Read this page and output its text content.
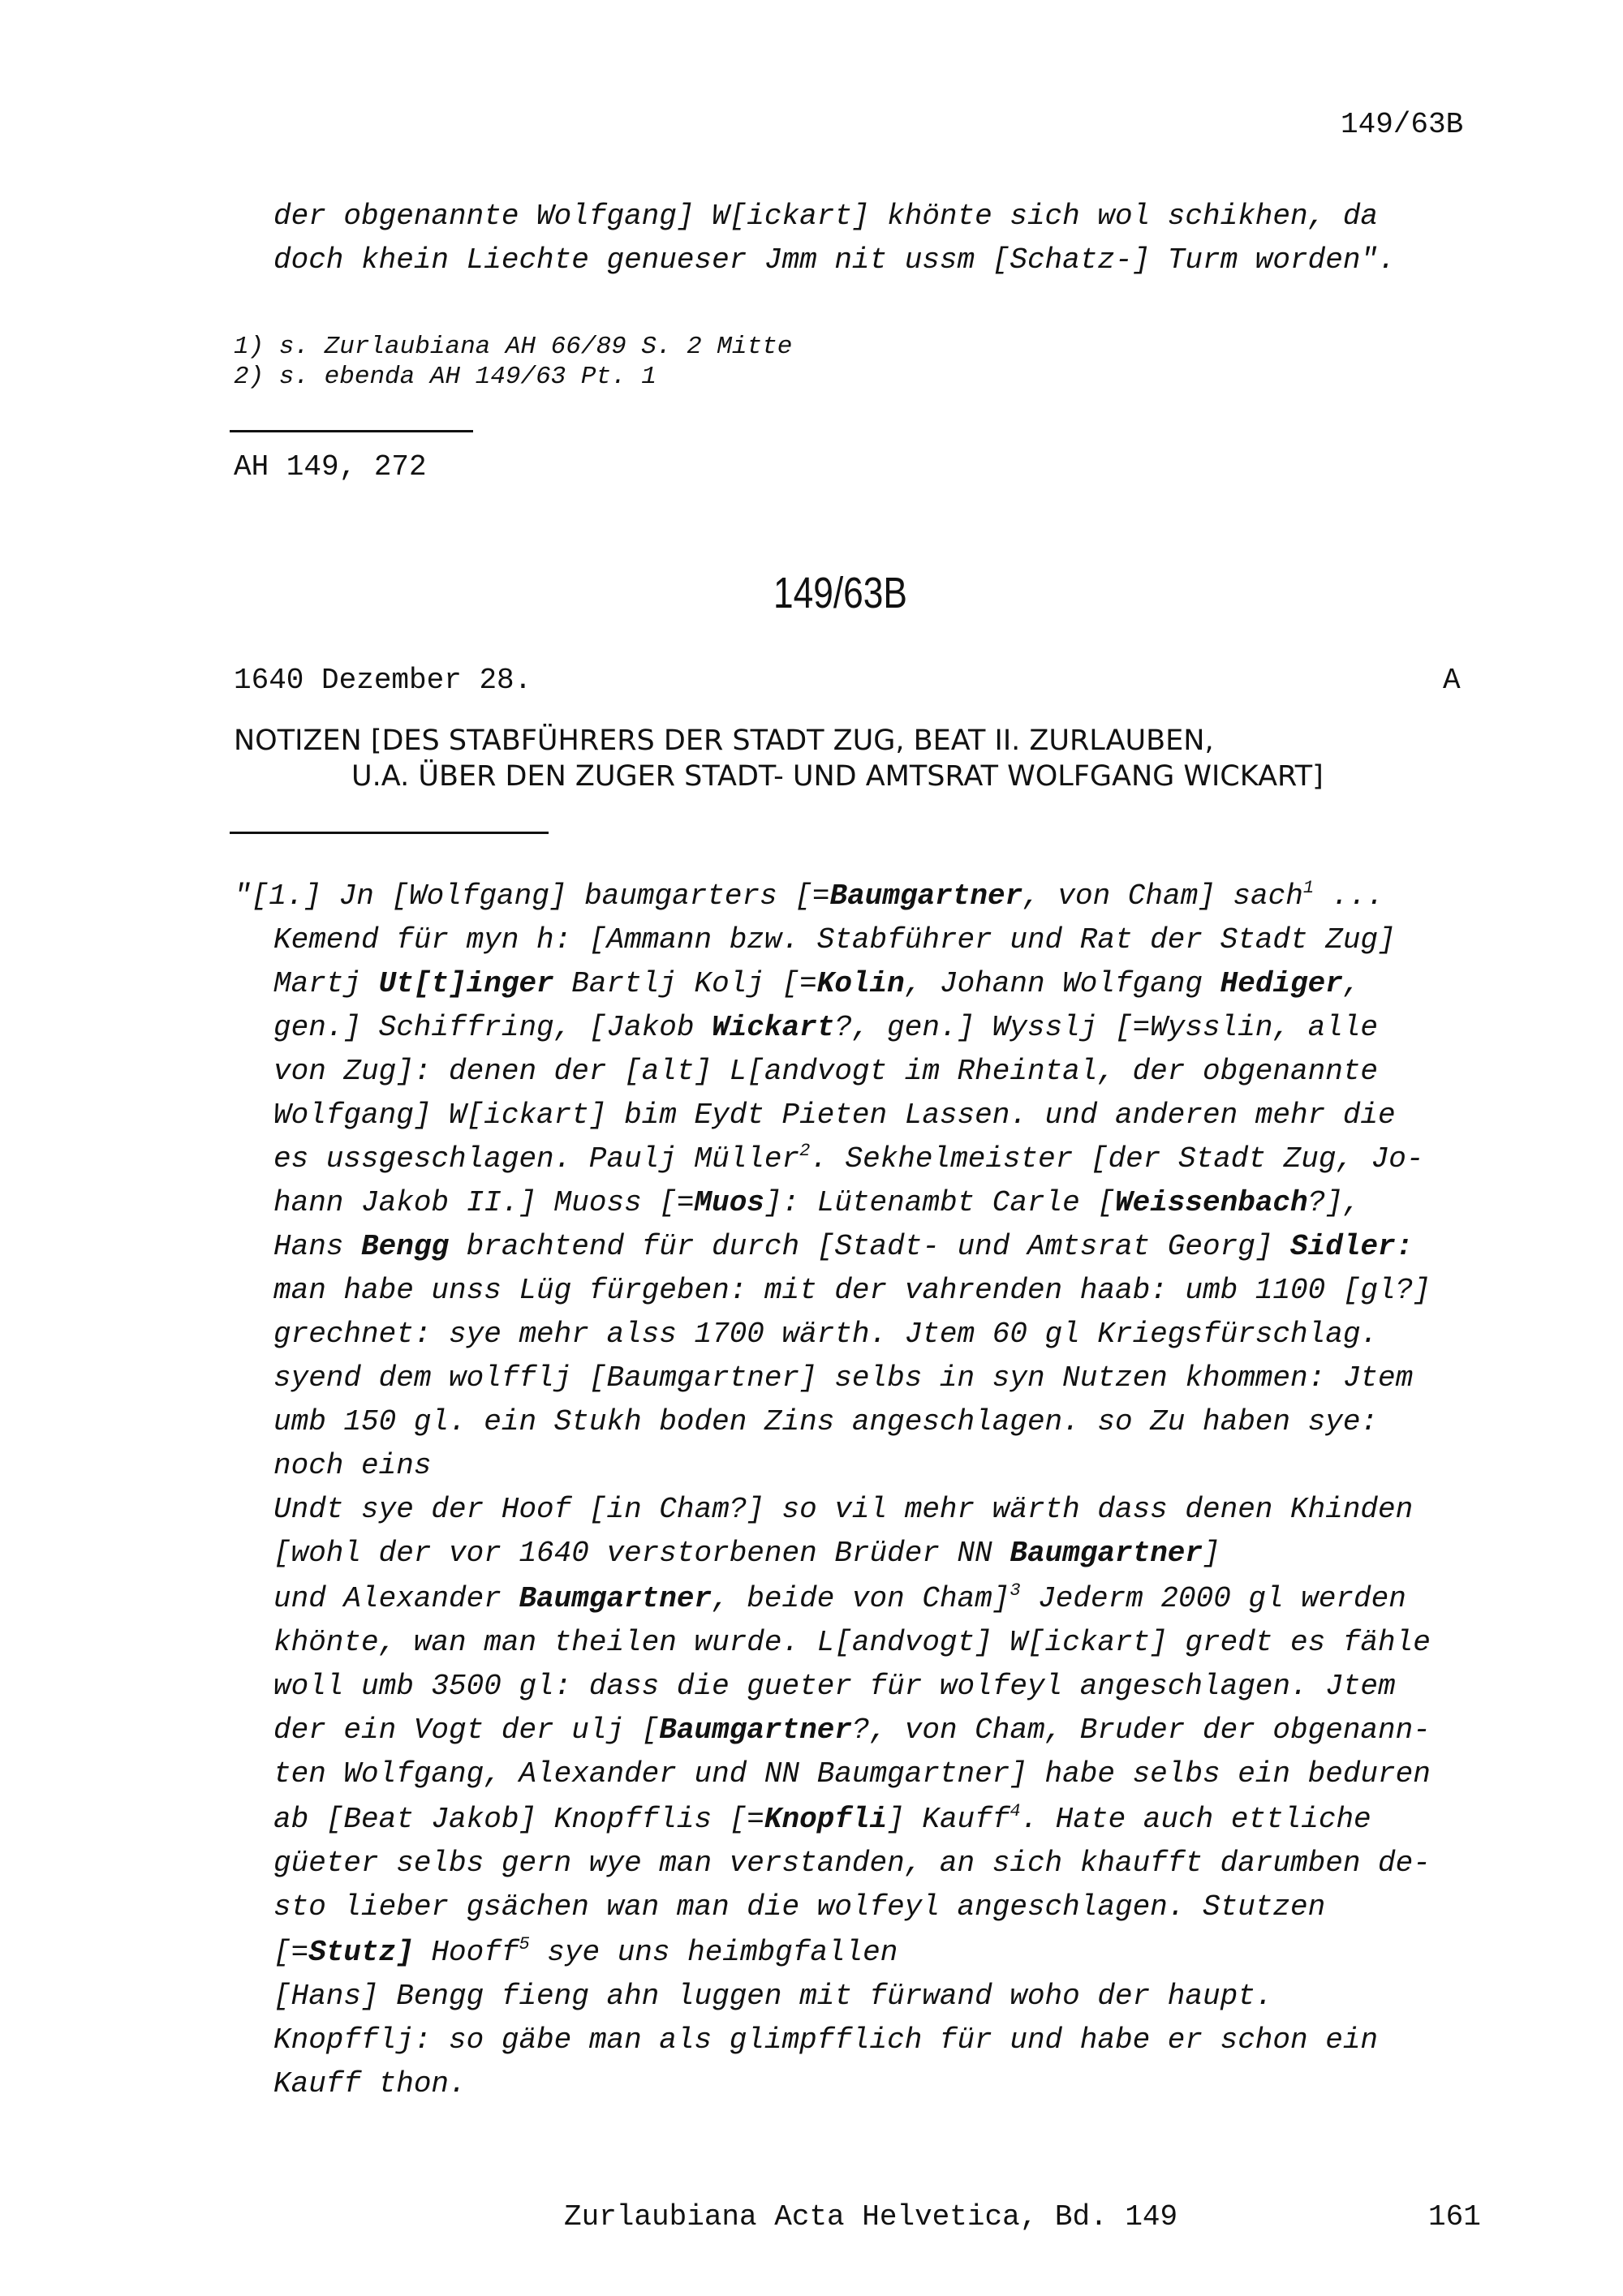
149/63B
der obgenannte Wolfgang] W[ickart] khönte sich wol schikhen, da
doch khein Liechte genueser Jmm nit ussm [Schatz-] Turm worden".
1) s. Zurlaubiana AH 66/89 S. 2 Mitte
2) s. ebenda AH 149/63 Pt. 1
AH 149, 272
149/63B
1640 Dezember 28.	A
NOTIZEN [DES STABFÜHRERS DER STADT ZUG, BEAT II. ZURLAUBEN,
U.A. ÜBER DEN ZUGER STADT- UND AMTSRAT WOLFGANG WICKART]
"[1.] Jn [Wolfgang] baumgarters [=Baumgartner, von Cham] sach$^1$ ...
Kemend für myn h: [Ammann bzw. Stabführer und Rat der Stadt Zug]
Martj Ut[t]inger Bartlj Kolj [=Kolin, Johann Wolfgang Hediger,
gen.] Schiffring, [Jakob Wickart?, gen.] Wysslj [=Wysslin, alle
von Zug]: denen der [alt] L[andvogt im Rheintal, der obgenannte
Wolfgang] W[ickart] bim Eydt Pieten Lassen. und anderen mehr die
es ussgeschlagen. Paulj Müller$^2$. Sekhelmeister [der Stadt Zug, Jo-
hann Jakob II.] Muoss [=Muos]: Lütenambt Carle [Weissenbach?],
Hans Bengg brachtend für durch [Stadt- und Amtsrat Georg] Sidler:
man habe unss Lüg fürgeben: mit der vahrenden haab: umb 1100 [gl?]
grechnet: sye mehr alss 1700 wärth. Jtem 60 gl Kriegsfürschlag.
syend dem wolfflj [Baumgartner] selbs in syn Nutzen khommen: Jtem
umb 150 gl. ein Stukh boden Zins angeschlagen. so Zu haben sye:
noch eins
Undt sye der Hoof [in Cham?] so vil mehr wärth dass denen Khinden
[wohl der vor 1640 verstorbenen Brüder NN Baumgartner]
und Alexander Baumgartner, beide von Cham]$^3$ Jederm 2000 gl werden
khönte, wan man theilen wurde. L[andvogt] W[ickart] gredt es fähle
woll umb 3500 gl: dass die gueter für wolfeyl angeschlagen. Jtem
der ein Vogt der ulj [Baumgartner?, von Cham, Bruder der obgenann-
ten Wolfgang, Alexander und NN Baumgartner] habe selbs ein beduren
ab [Beat Jakob] Knopfflis [=Knopfli] Kauff$^4$. Hate auch ettliche
güeter selbs gern wye man verstanden, an sich khaufft darumben de-
sto lieber gsächen wan man die wolfeyl angeschlagen. Stutzen
[=Stutz] Hooff$^5$ sye uns heimbgfallen
[Hans] Bengg fieng ahn luggen mit fürwand woho der haupt.
Knopfflj: so gäbe man als glimpfflich für und habe er schon ein
Kauff thon.
Zurlaubiana Acta Helvetica, Bd. 149	161
